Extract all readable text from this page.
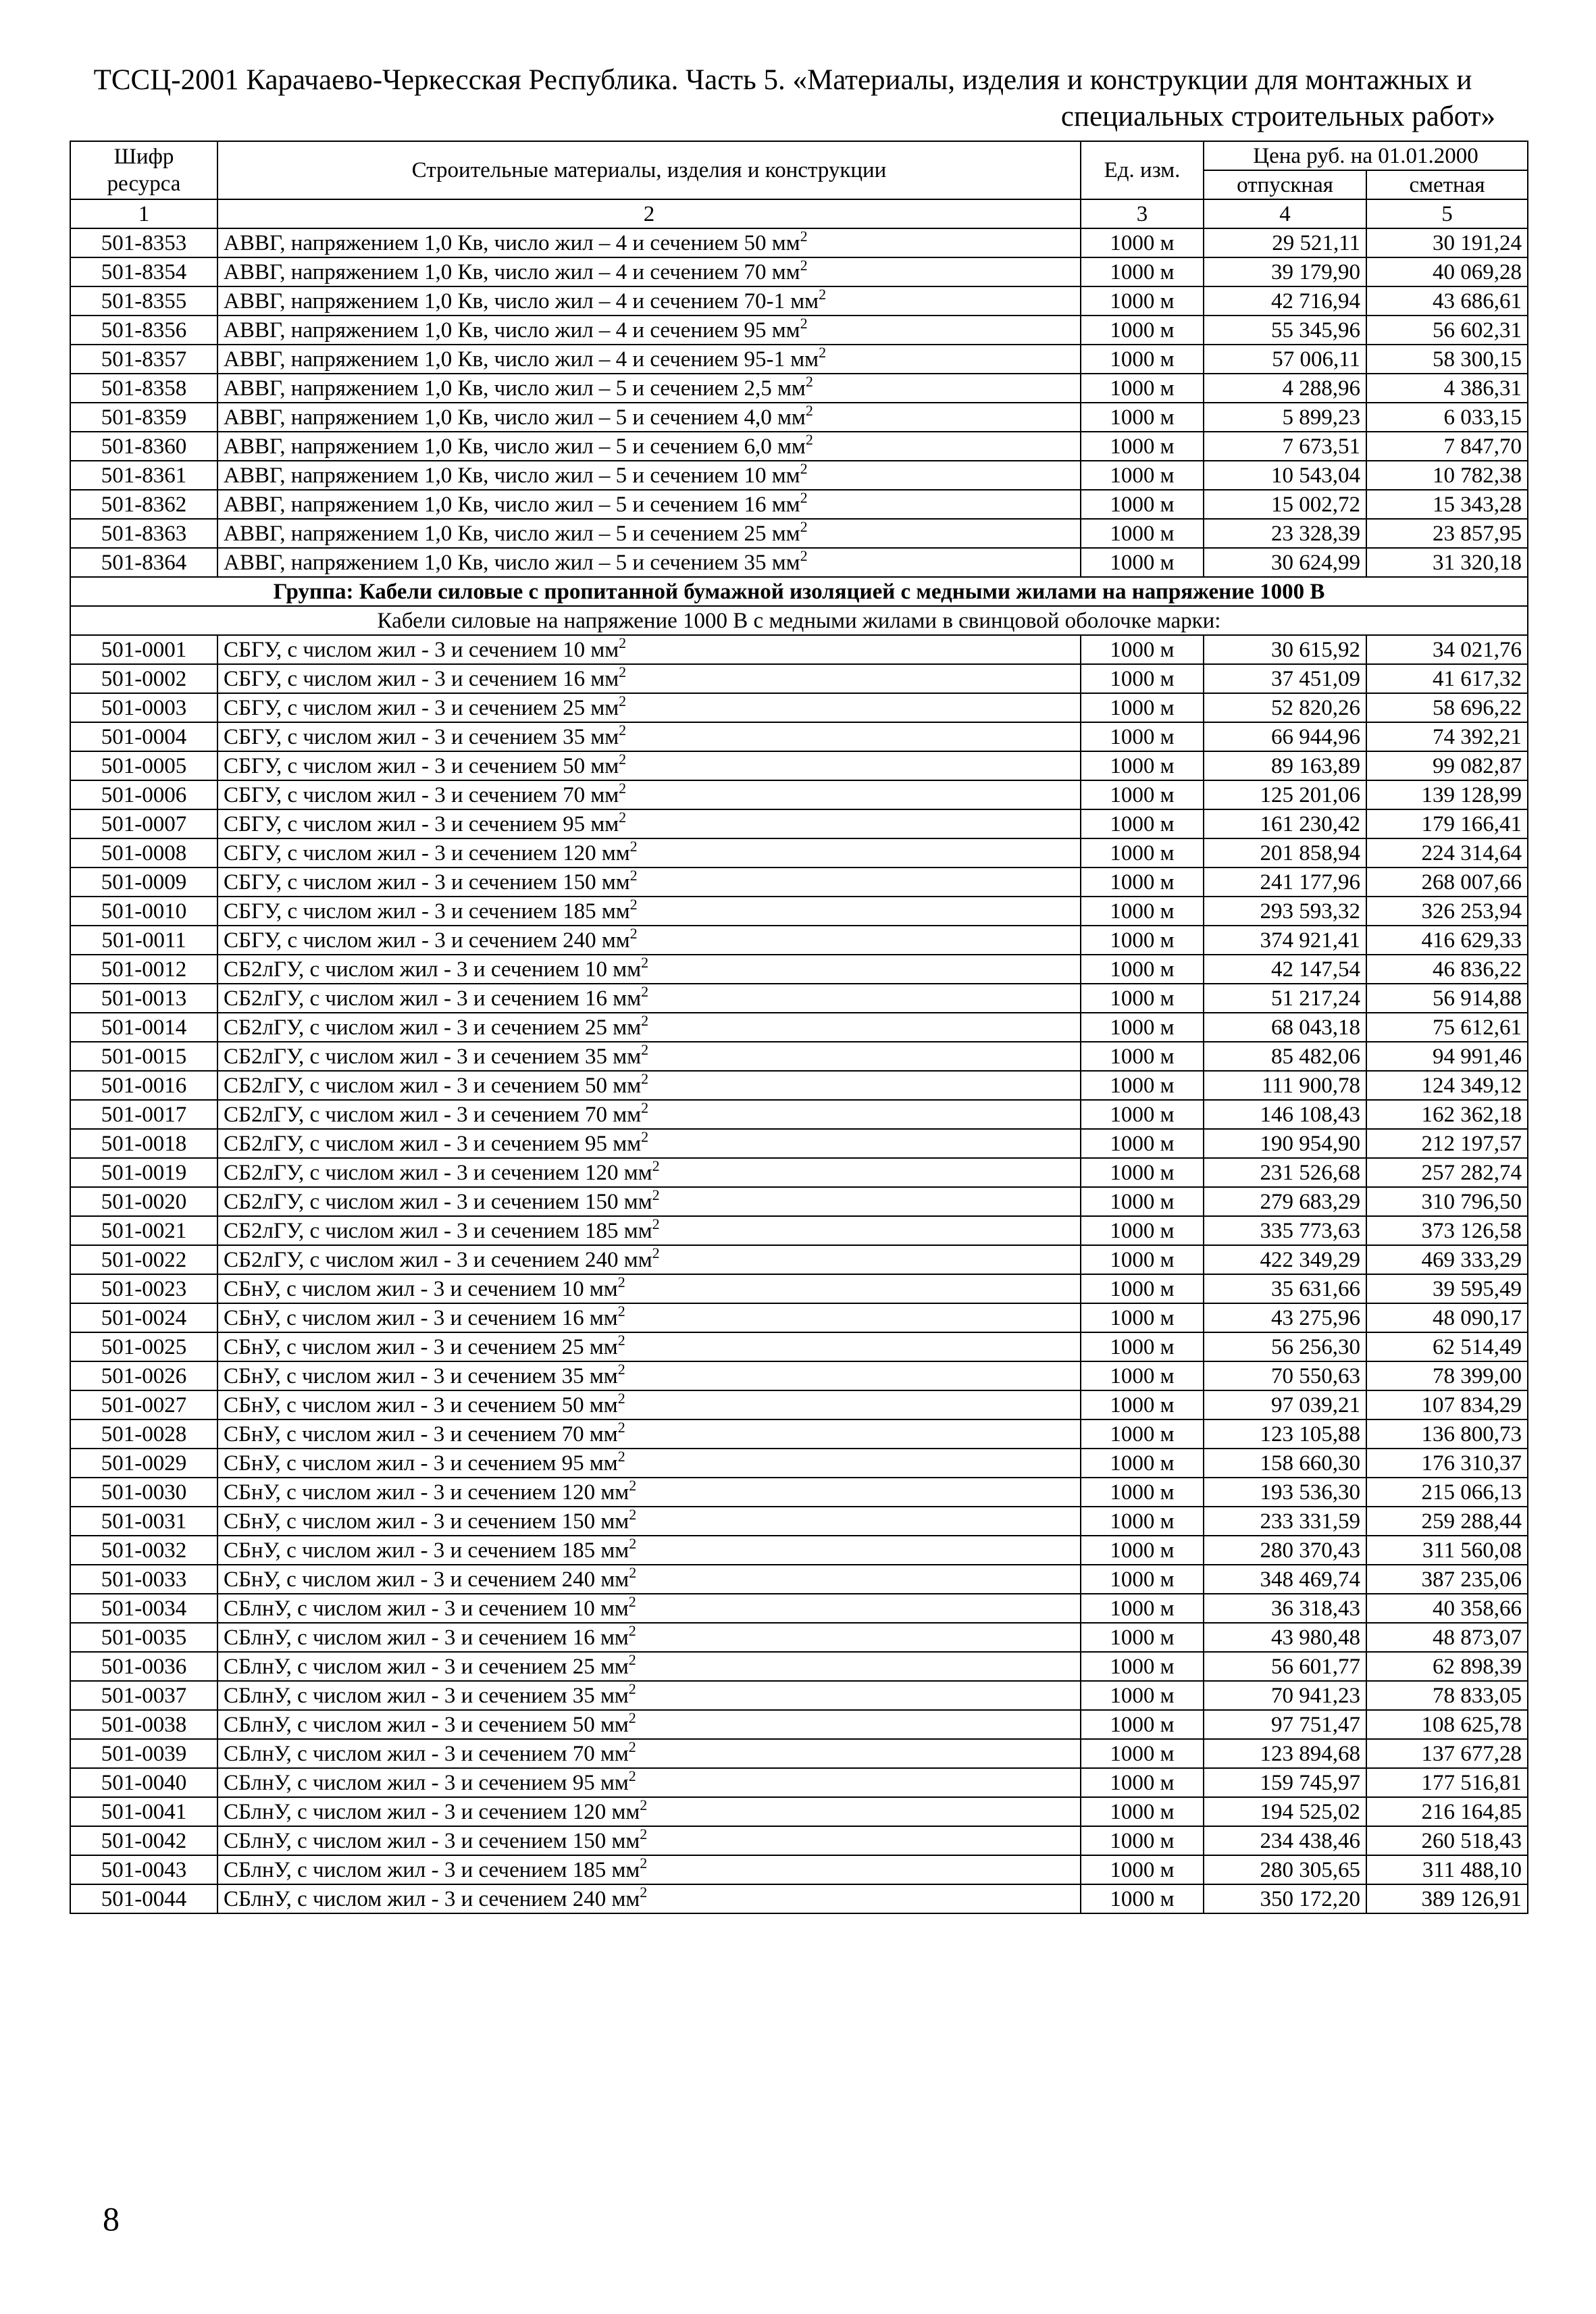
ТССЦ-2001 Карачаево-Черкесская Республика. Часть 5. «Материалы, изделия и конструкции для монтажных и
специальных строительных работ»
Шифр ресурса	Строительные материалы, изделия и конструкции	Ед. изм.	Цена руб. на 01.01.2000	
			отпускная	сметная
1	2	3	4	5
501-8353	АВВГ, напряжением 1,0 Кв, число жил – 4 и сечением 50 $мм^2$	1000 м	29 521,11	30 191,24
501-8354	АВВГ, напряжением 1,0 Кв, число жил – 4 и сечением 70 $мм^2$	1000 м	39 179,90	40 069,28
501-8355	АВВГ, напряжением 1,0 Кв, число жил – 4 и сечением 70-1 $мм^2$	1000 м	42 716,94	43 686,61
501-8356	АВВГ, напряжением 1,0 Кв, число жил – 4 и сечением 95 $мм^2$	1000 м	55 345,96	56 602,31
501-8357	АВВГ, напряжением 1,0 Кв, число жил – 4 и сечением 95-1 $мм^2$	1000 м	57 006,11	58 300,15
501-8358	АВВГ, напряжением 1,0 Кв, число жил – 5 и сечением 2,5 $мм^2$	1000 м	4 288,96	4 386,31
501-8359	АВВГ, напряжением 1,0 Кв, число жил – 5 и сечением 4,0 $мм^2$	1000 м	5 899,23	6 033,15
501-8360	АВВГ, напряжением 1,0 Кв, число жил – 5 и сечением 6,0 $мм^2$	1000 м	7 673,51	7 847,70
501-8361	АВВГ, напряжением 1,0 Кв, число жил – 5 и сечением 10 $мм^2$	1000 м	10 543,04	10 782,38
501-8362	АВВГ, напряжением 1,0 Кв, число жил – 5 и сечением 16 $мм^2$	1000 м	15 002,72	15 343,28
501-8363	АВВГ, напряжением 1,0 Кв, число жил – 5 и сечением 25 $мм^2$	1000 м	23 328,39	23 857,95
501-8364	АВВГ, напряжением 1,0 Кв, число жил – 5 и сечением 35 $мм^2$	1000 м	30 624,99	31 320,18
Группа: Кабели силовые с пропитанной бумажной изоляцией с медными жилами на напряжение 1000 В				
Кабели силовые на напряжение 1000 В с медными жилами в свинцовой оболочке марки:				
501-0001	СБГУ, с числом жил - 3 и сечением 10 $мм^2$	1000 м	30 615,92	34 021,76
501-0002	СБГУ, с числом жил - 3 и сечением 16 $мм^2$	1000 м	37 451,09	41 617,32
501-0003	СБГУ, с числом жил - 3 и сечением 25 $мм^2$	1000 м	52 820,26	58 696,22
501-0004	СБГУ, с числом жил - 3 и сечением 35 $мм^2$	1000 м	66 944,96	74 392,21
501-0005	СБГУ, с числом жил - 3 и сечением 50 $мм^2$	1000 м	89 163,89	99 082,87
501-0006	СБГУ, с числом жил - 3 и сечением 70 $мм^2$	1000 м	125 201,06	139 128,99
501-0007	СБГУ, с числом жил - 3 и сечением 95 $мм^2$	1000 м	161 230,42	179 166,41
501-0008	СБГУ, с числом жил - 3 и сечением 120 $мм^2$	1000 м	201 858,94	224 314,64
501-0009	СБГУ, с числом жил - 3 и сечением 150 $мм^2$	1000 м	241 177,96	268 007,66
501-0010	СБГУ, с числом жил - 3 и сечением 185 $мм^2$	1000 м	293 593,32	326 253,94
501-0011	СБГУ, с числом жил - 3 и сечением 240 $мм^2$	1000 м	374 921,41	416 629,33
501-0012	СБ2лГУ, с числом жил - 3 и сечением 10 $мм^2$	1000 м	42 147,54	46 836,22
501-0013	СБ2лГУ, с числом жил - 3 и сечением 16 $мм^2$	1000 м	51 217,24	56 914,88
501-0014	СБ2лГУ, с числом жил - 3 и сечением 25 $мм^2$	1000 м	68 043,18	75 612,61
501-0015	СБ2лГУ, с числом жил - 3 и сечением 35 $мм^2$	1000 м	85 482,06	94 991,46
501-0016	СБ2лГУ, с числом жил - 3 и сечением 50 $мм^2$	1000 м	111 900,78	124 349,12
501-0017	СБ2лГУ, с числом жил - 3 и сечением 70 $мм^2$	1000 м	146 108,43	162 362,18
501-0018	СБ2лГУ, с числом жил - 3 и сечением 95 $мм^2$	1000 м	190 954,90	212 197,57
501-0019	СБ2лГУ, с числом жил - 3 и сечением 120 $мм^2$	1000 м	231 526,68	257 282,74
501-0020	СБ2лГУ, с числом жил - 3 и сечением 150 $мм^2$	1000 м	279 683,29	310 796,50
501-0021	СБ2лГУ, с числом жил - 3 и сечением 185 $мм^2$	1000 м	335 773,63	373 126,58
501-0022	СБ2лГУ, с числом жил - 3 и сечением 240 $мм^2$	1000 м	422 349,29	469 333,29
501-0023	СБнУ, с числом жил - 3 и сечением 10 $мм^2$	1000 м	35 631,66	39 595,49
501-0024	СБнУ, с числом жил - 3 и сечением 16 $мм^2$	1000 м	43 275,96	48 090,17
501-0025	СБнУ, с числом жил - 3 и сечением 25 $мм^2$	1000 м	56 256,30	62 514,49
501-0026	СБнУ, с числом жил - 3 и сечением 35 $мм^2$	1000 м	70 550,63	78 399,00
501-0027	СБнУ, с числом жил - 3 и сечением 50 $мм^2$	1000 м	97 039,21	107 834,29
501-0028	СБнУ, с числом жил - 3 и сечением 70 $мм^2$	1000 м	123 105,88	136 800,73
501-0029	СБнУ, с числом жил - 3 и сечением 95 $мм^2$	1000 м	158 660,30	176 310,37
501-0030	СБнУ, с числом жил - 3 и сечением 120 $мм^2$	1000 м	193 536,30	215 066,13
501-0031	СБнУ, с числом жил - 3 и сечением 150 $мм^2$	1000 м	233 331,59	259 288,44
501-0032	СБнУ, с числом жил - 3 и сечением 185 $мм^2$	1000 м	280 370,43	311 560,08
501-0033	СБнУ, с числом жил - 3 и сечением 240 $мм^2$	1000 м	348 469,74	387 235,06
501-0034	СБлнУ, с числом жил - 3 и сечением 10 $мм^2$	1000 м	36 318,43	40 358,66
501-0035	СБлнУ, с числом жил - 3 и сечением 16 $мм^2$	1000 м	43 980,48	48 873,07
501-0036	СБлнУ, с числом жил - 3 и сечением 25 $мм^2$	1000 м	56 601,77	62 898,39
501-0037	СБлнУ, с числом жил - 3 и сечением 35 $мм^2$	1000 м	70 941,23	78 833,05
501-0038	СБлнУ, с числом жил - 3 и сечением 50 $мм^2$	1000 м	97 751,47	108 625,78
501-0039	СБлнУ, с числом жил - 3 и сечением 70 $мм^2$	1000 м	123 894,68	137 677,28
501-0040	СБлнУ, с числом жил - 3 и сечением 95 $мм^2$	1000 м	159 745,97	177 516,81
501-0041	СБлнУ, с числом жил - 3 и сечением 120 $мм^2$	1000 м	194 525,02	216 164,85
501-0042	СБлнУ, с числом жил - 3 и сечением 150 $мм^2$	1000 м	234 438,46	260 518,43
501-0043	СБлнУ, с числом жил - 3 и сечением 185 $мм^2$	1000 м	280 305,65	311 488,10
501-0044	СБлнУ, с числом жил - 3 и сечением 240 $мм^2$	1000 м	350 172,20	389 126,91
8
